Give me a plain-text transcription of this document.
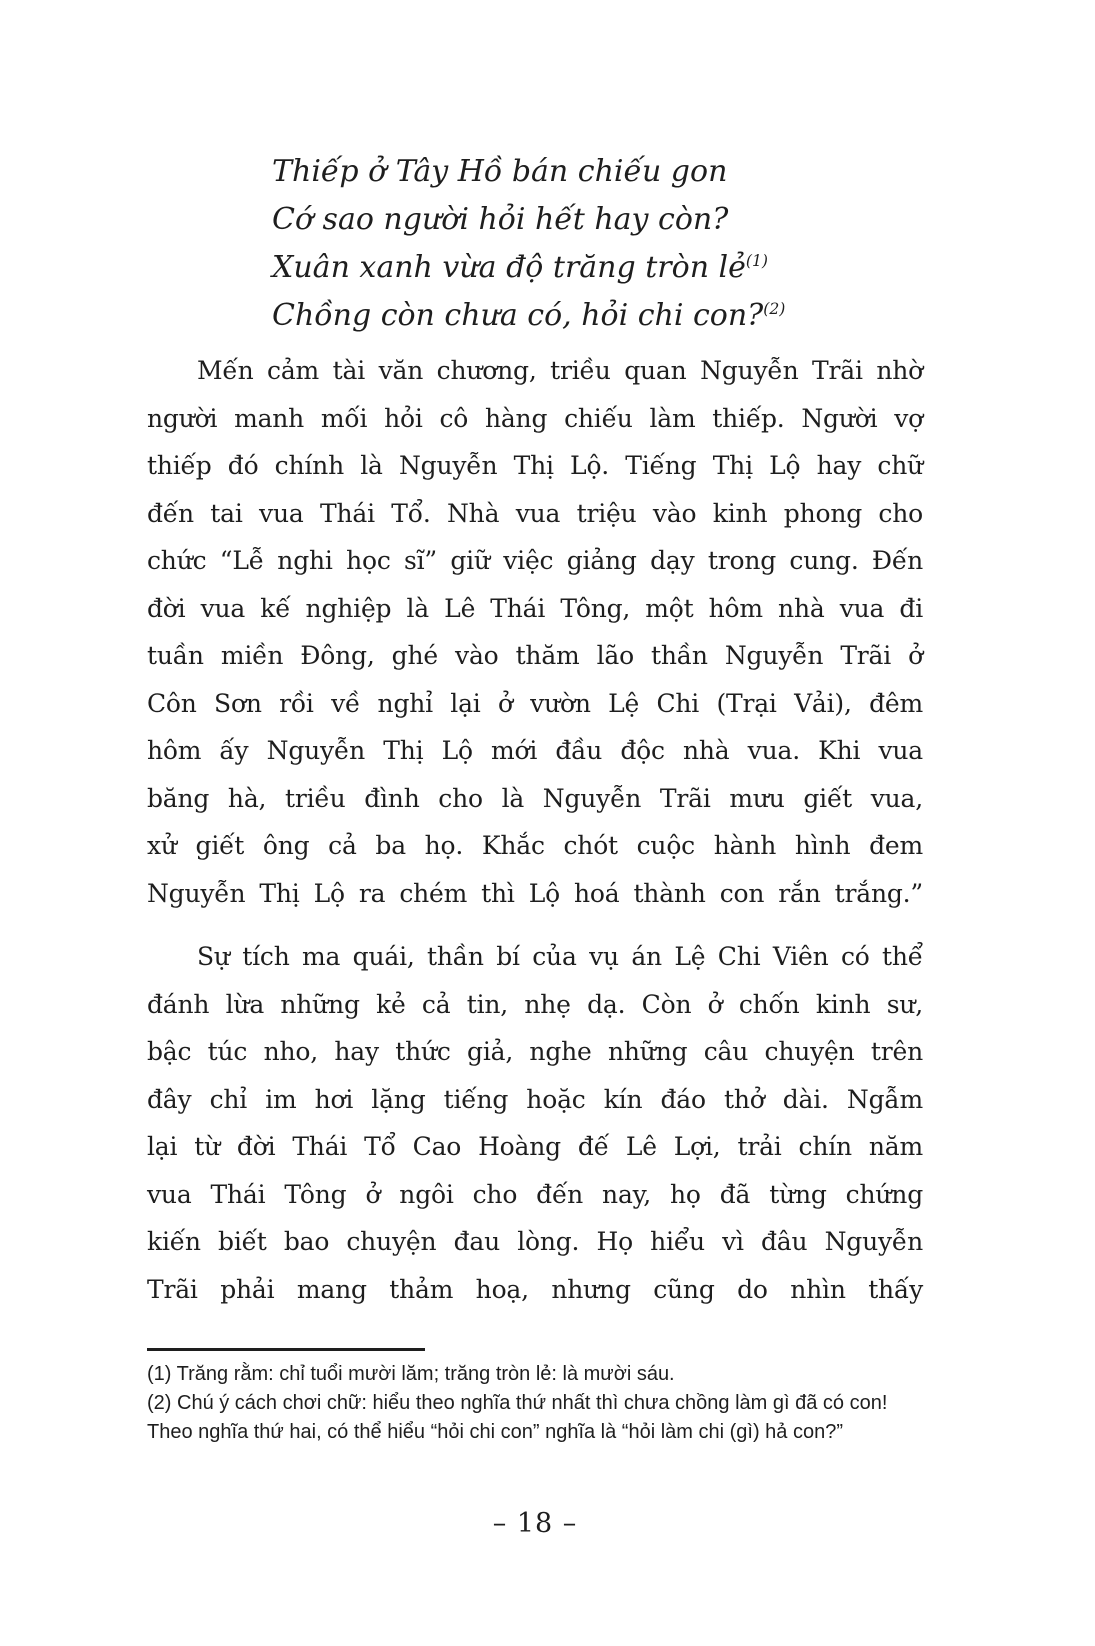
Thiếp ở Tây Hồ bán chiếu gon
Cớ sao người hỏi hết hay còn?
Xuân xanh vừa độ trăng tròn lẻ$^{(1)}$
Chồng còn chưa có, hỏi chi con?$^{(2)}$
Mến cảm tài văn chương, triều quan Nguyễn Trãi nhờ
người manh mối hỏi cô hàng chiếu làm thiếp. Người vợ
thiếp đó chính là Nguyễn Thị Lộ. Tiếng Thị Lộ hay chữ
đến tai vua Thái Tổ. Nhà vua triệu vào kinh phong cho
chức “Lễ nghi học sĩ” giữ việc giảng dạy trong cung. Đến
đời vua kế nghiệp là Lê Thái Tông, một hôm nhà vua đi
tuần miền Đông, ghé vào thăm lão thần Nguyễn Trãi ở
Côn Sơn rồi về nghỉ lại ở vườn Lệ Chi (Trại Vải), đêm
hôm ấy Nguyễn Thị Lộ mới đầu độc nhà vua. Khi vua
băng hà, triều đình cho là Nguyễn Trãi mưu giết vua,
xử giết ông cả ba họ. Khắc chót cuộc hành hình đem
Nguyễn Thị Lộ ra chém thì Lộ hoá thành con rắn trắng.”
Sự tích ma quái, thần bí của vụ án Lệ Chi Viên có thể
đánh lừa những kẻ cả tin, nhẹ dạ. Còn ở chốn kinh sư,
bậc túc nho, hay thức giả, nghe những câu chuyện trên
đây chỉ im hơi lặng tiếng hoặc kín đáo thở dài. Ngẫm
lại từ đời Thái Tổ Cao Hoàng đế Lê Lợi, trải chín năm
vua Thái Tông ở ngôi cho đến nay, họ đã từng chứng
kiến biết bao chuyện đau lòng. Họ hiểu vì đâu Nguyễn
Trãi phải mang thảm hoạ, nhưng cũng do nhìn thấy
(1) Trăng rằm: chỉ tuổi mười lăm; trăng tròn lẻ: là mười sáu.
(2) Chú ý cách chơi chữ: hiểu theo nghĩa thứ nhất thì chưa chồng làm gì đã có con!
Theo nghĩa thứ hai, có thể hiểu “hỏi chi con” nghĩa là “hỏi làm chi (gì) hả con?”
– 18 –
